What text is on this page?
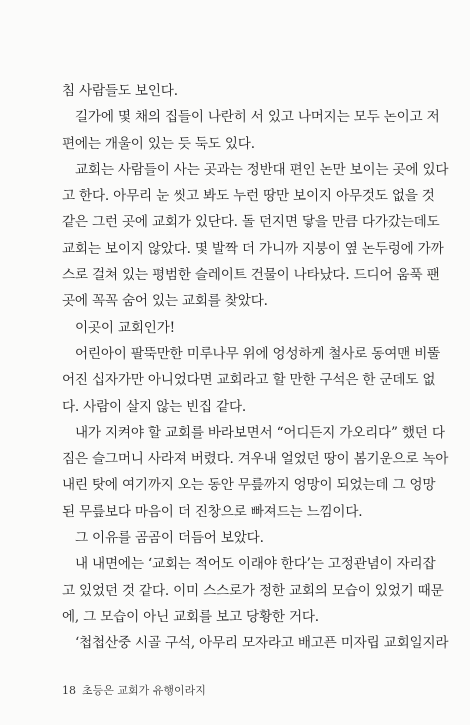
침 사람들도 보인다.
길가에 몇 채의 집들이 나란히 서 있고 나머지는 모두 논이고 저
편에는 개울이 있는 듯 둑도 있다.
교회는 사람들이 사는 곳과는 정반대 편인 논만 보이는 곳에 있다
고 한다. 아무리 눈 씻고 봐도 누런 땅만 보이지 아무것도 없을 것
같은 그런 곳에 교회가 있단다. 돌 던지면 닿을 만큼 다가갔는데도
교회는 보이지 않았다. 몇 발짝 더 가니까 지붕이 옆 논두렁에 가까
스로 걸쳐 있는 평범한 슬레이트 건물이 나타났다. 드디어 움푹 팬
곳에 꼭꼭 숨어 있는 교회를 찾았다.
이곳이 교회인가!
어린아이 팔뚝만한 미루나무 위에 엉성하게 철사로 동여맨 비뚤
어진 십자가만 아니었다면 교회라고 할 만한 구석은 한 군데도 없
다. 사람이 살지 않는 빈집 같다.
내가 지켜야 할 교회를 바라보면서 “어디든지 가오리다” 했던 다
짐은 슬그머니 사라져 버렸다. 겨우내 얼었던 땅이 봄기운으로 녹아
내린 탓에 여기까지 오는 동안 무릎까지 엉망이 되었는데 그 엉망
된 무릎보다 마음이 더 진창으로 빠져드는 느낌이다.
그 이유를 곰곰이 더듬어 보았다.
내 내면에는 ‘교회는 적어도 이래야 한다’는 고정관념이 자리잡
고 있었던 것 같다. 이미 스스로가 정한 교회의 모습이 있었기 때문
에, 그 모습이 아닌 교회를 보고 당황한 거다.
‘첩첩산중 시골 구석, 아무리 모자라고 배고픈 미자립 교회일지라
18 초등은 교회가 유행이라지
